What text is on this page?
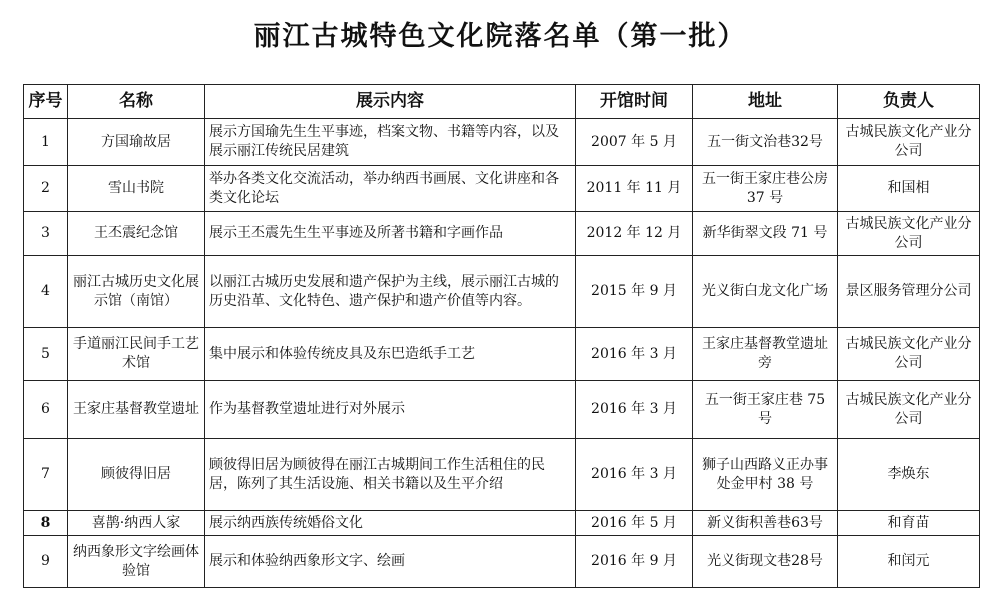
丽江古城特色文化院落名单（第一批）
序号	名称	展示内容	开馆时间	地址	负责人
1	方国瑜故居	展示方国瑜先生生平事迹，档案文物、书籍等内容，以及展示丽江传统民居建筑	2007 年 5 月	五一街文治巷32号	古城民族文化产业分公司
2	雪山书院	举办各类文化交流活动，举办纳西书画展、文化讲座和各类文化论坛	2011 年 11 月	五一街王家庄巷公房 37 号	和国相
3	王丕震纪念馆	展示王丕震先生生平事迹及所著书籍和字画作品	2012 年 12 月	新华街翠文段 71 号	古城民族文化产业分公司
4	丽江古城历史文化展示馆（南馆）	以丽江古城历史发展和遗产保护为主线，展示丽江古城的历史沿革、文化特色、遗产保护和遗产价值等内容。	2015 年 9 月	光义街白龙文化广场	景区服务管理分公司
5	手道丽江民间手工艺术馆	集中展示和体验传统皮具及东巴造纸手工艺	2016 年 3 月	王家庄基督教堂遗址旁	古城民族文化产业分公司
6	王家庄基督教堂遗址	作为基督教堂遗址进行对外展示	2016 年 3 月	五一街王家庄巷 75 号	古城民族文化产业分公司
7	顾彼得旧居	顾彼得旧居为顾彼得在丽江古城期间工作生活租住的民居，陈列了其生活设施、相关书籍以及生平介绍	2016 年 3 月	狮子山西路义正办事处金甲村 38 号	李焕东
8	喜鹊·纳西人家	展示纳西族传统婚俗文化	2016 年 5 月	新义街积善巷63号	和育苗
9	纳西象形文字绘画体验馆	展示和体验纳西象形文字、绘画	2016 年 9 月	光义街现文巷28号	和闰元
